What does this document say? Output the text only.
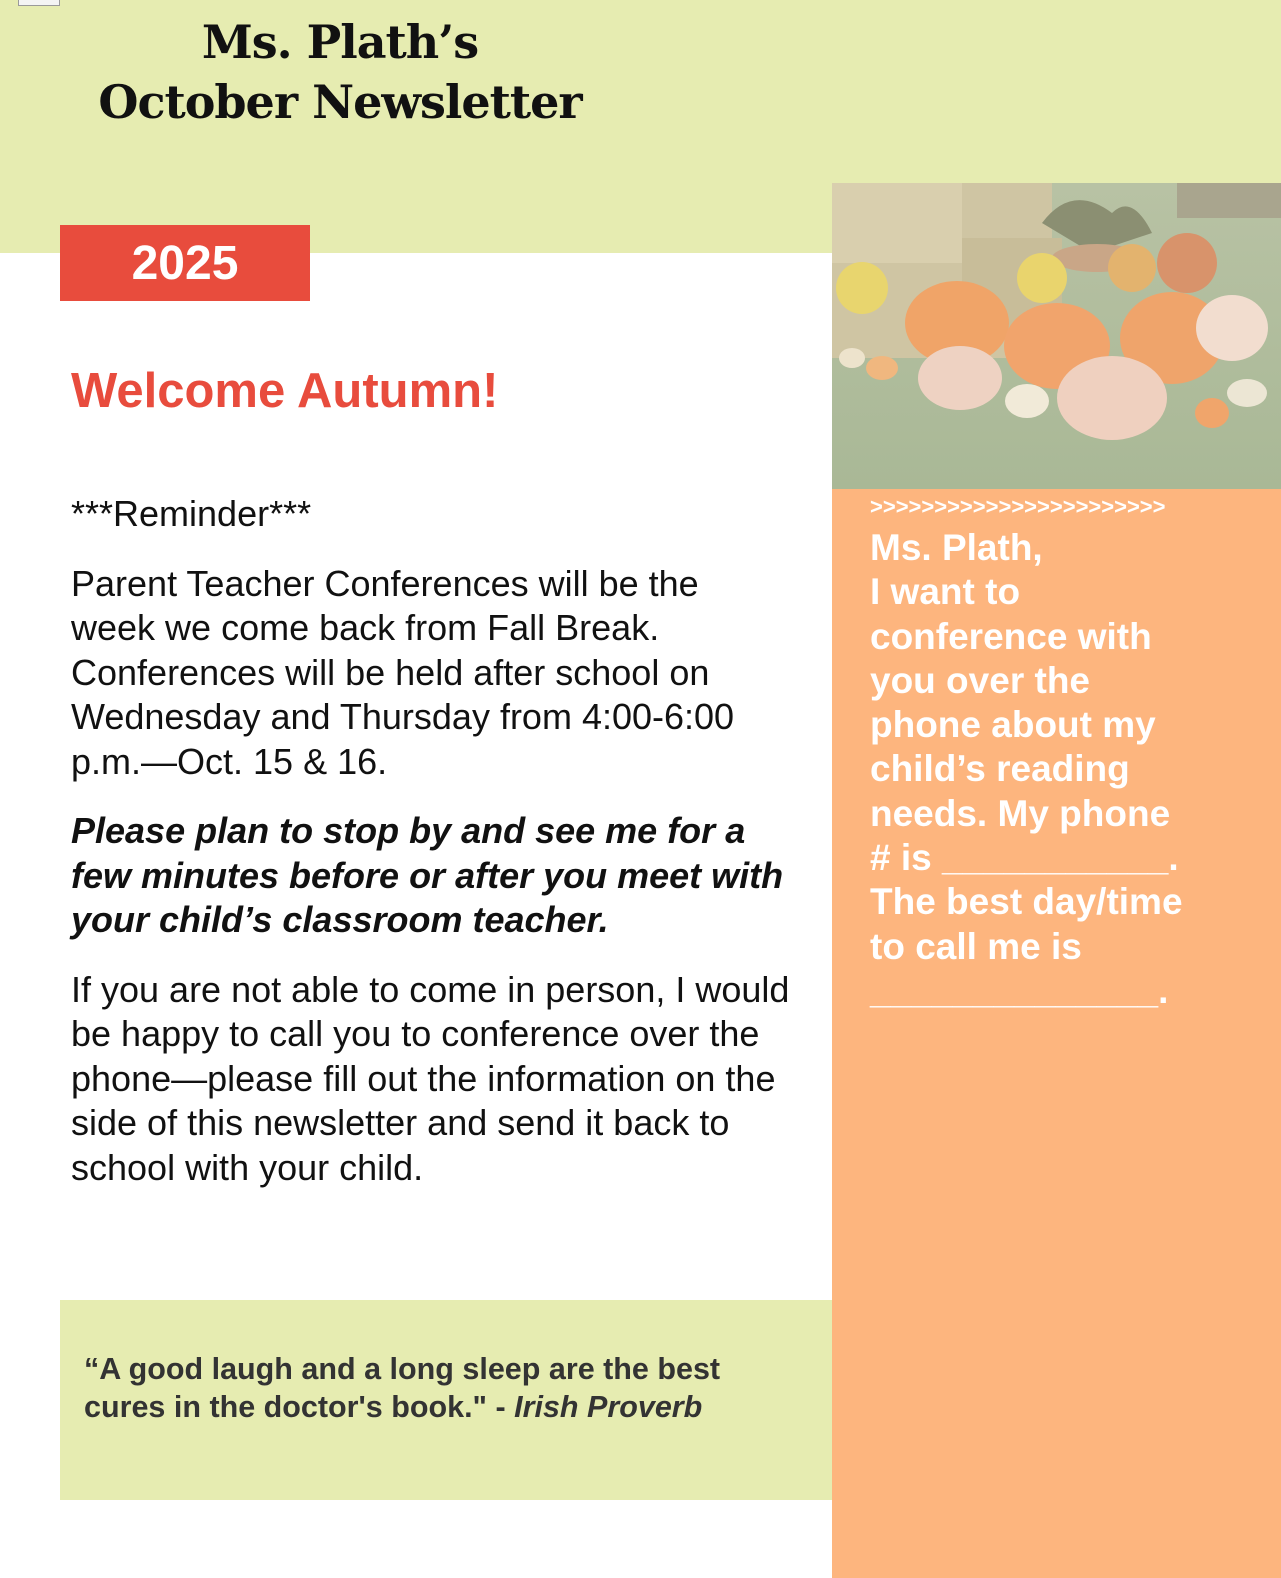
Ms. Plath’s
October Newsletter
2025
>>>>>>>>>>>>>>>>>>>>>>>
Ms. Plath,
I want to conference with you over the phone about my child’s reading needs. My phone # is ___________.
The best day/time to call me is ______________.
Welcome Autumn!

***Reminder***

Parent Teacher Conferences will be the week we come back from Fall Break. Conferences will be held after school on Wednesday and Thursday from 4:00-6:00 p.m.—Oct. 15 & 16.

Please plan to stop by and see me for a few minutes before or after you meet with your child’s classroom teacher.

If you are not able to come in person, I would be happy to call you to conference over the phone—please fill out the information on the side of this newsletter and send it back to school with your child.

“A good laugh and a long sleep are the best cures in the doctor's book." - Irish Proverb
